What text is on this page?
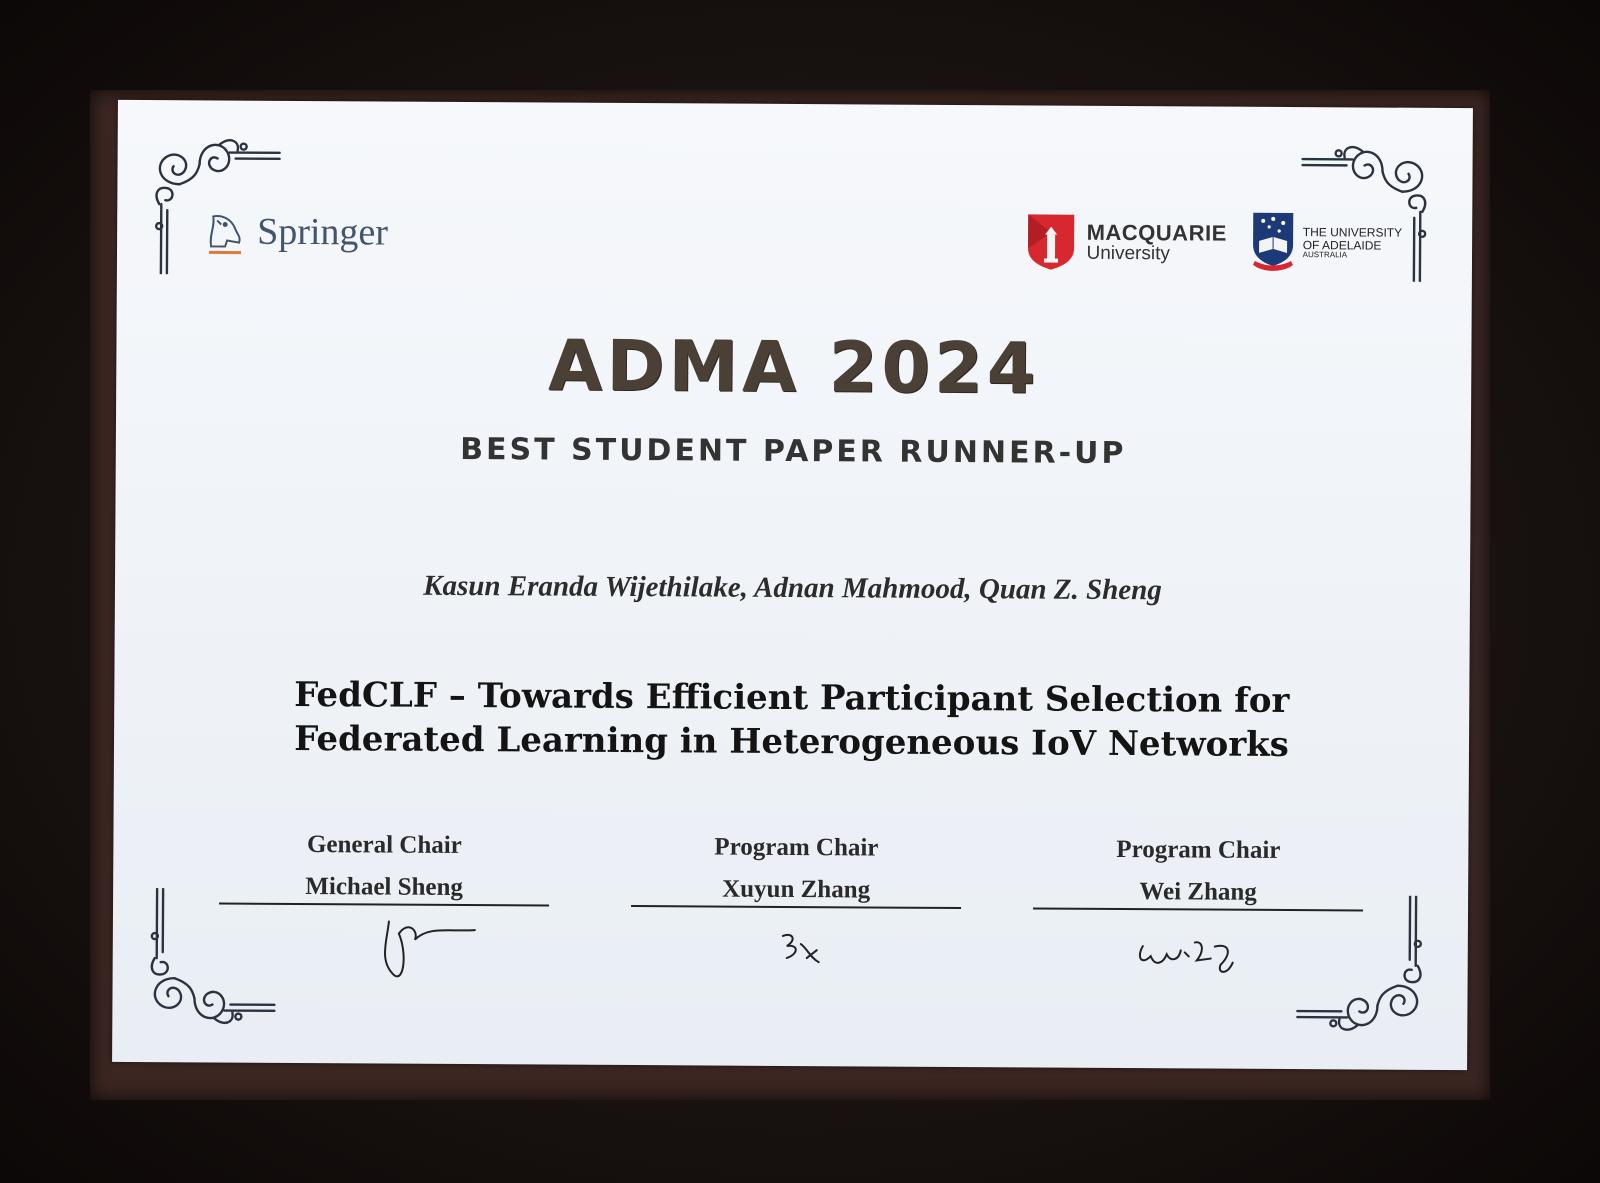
Springer	MACQUARIE
University
THE UNIVERSITY
OF ADELAIDE
AUSTRALIA
ADMA 2024
BEST STUDENT PAPER RUNNER-UP
Kasun Eranda Wijethilake, Adnan Mahmood, Quan Z. Sheng
FedCLF – Towards Efficient Participant Selection for
Federated Learning in Heterogeneous IoV Networks
General Chair
Michael Sheng
Program Chair
Xuyun Zhang
Program Chair
Wei Zhang
